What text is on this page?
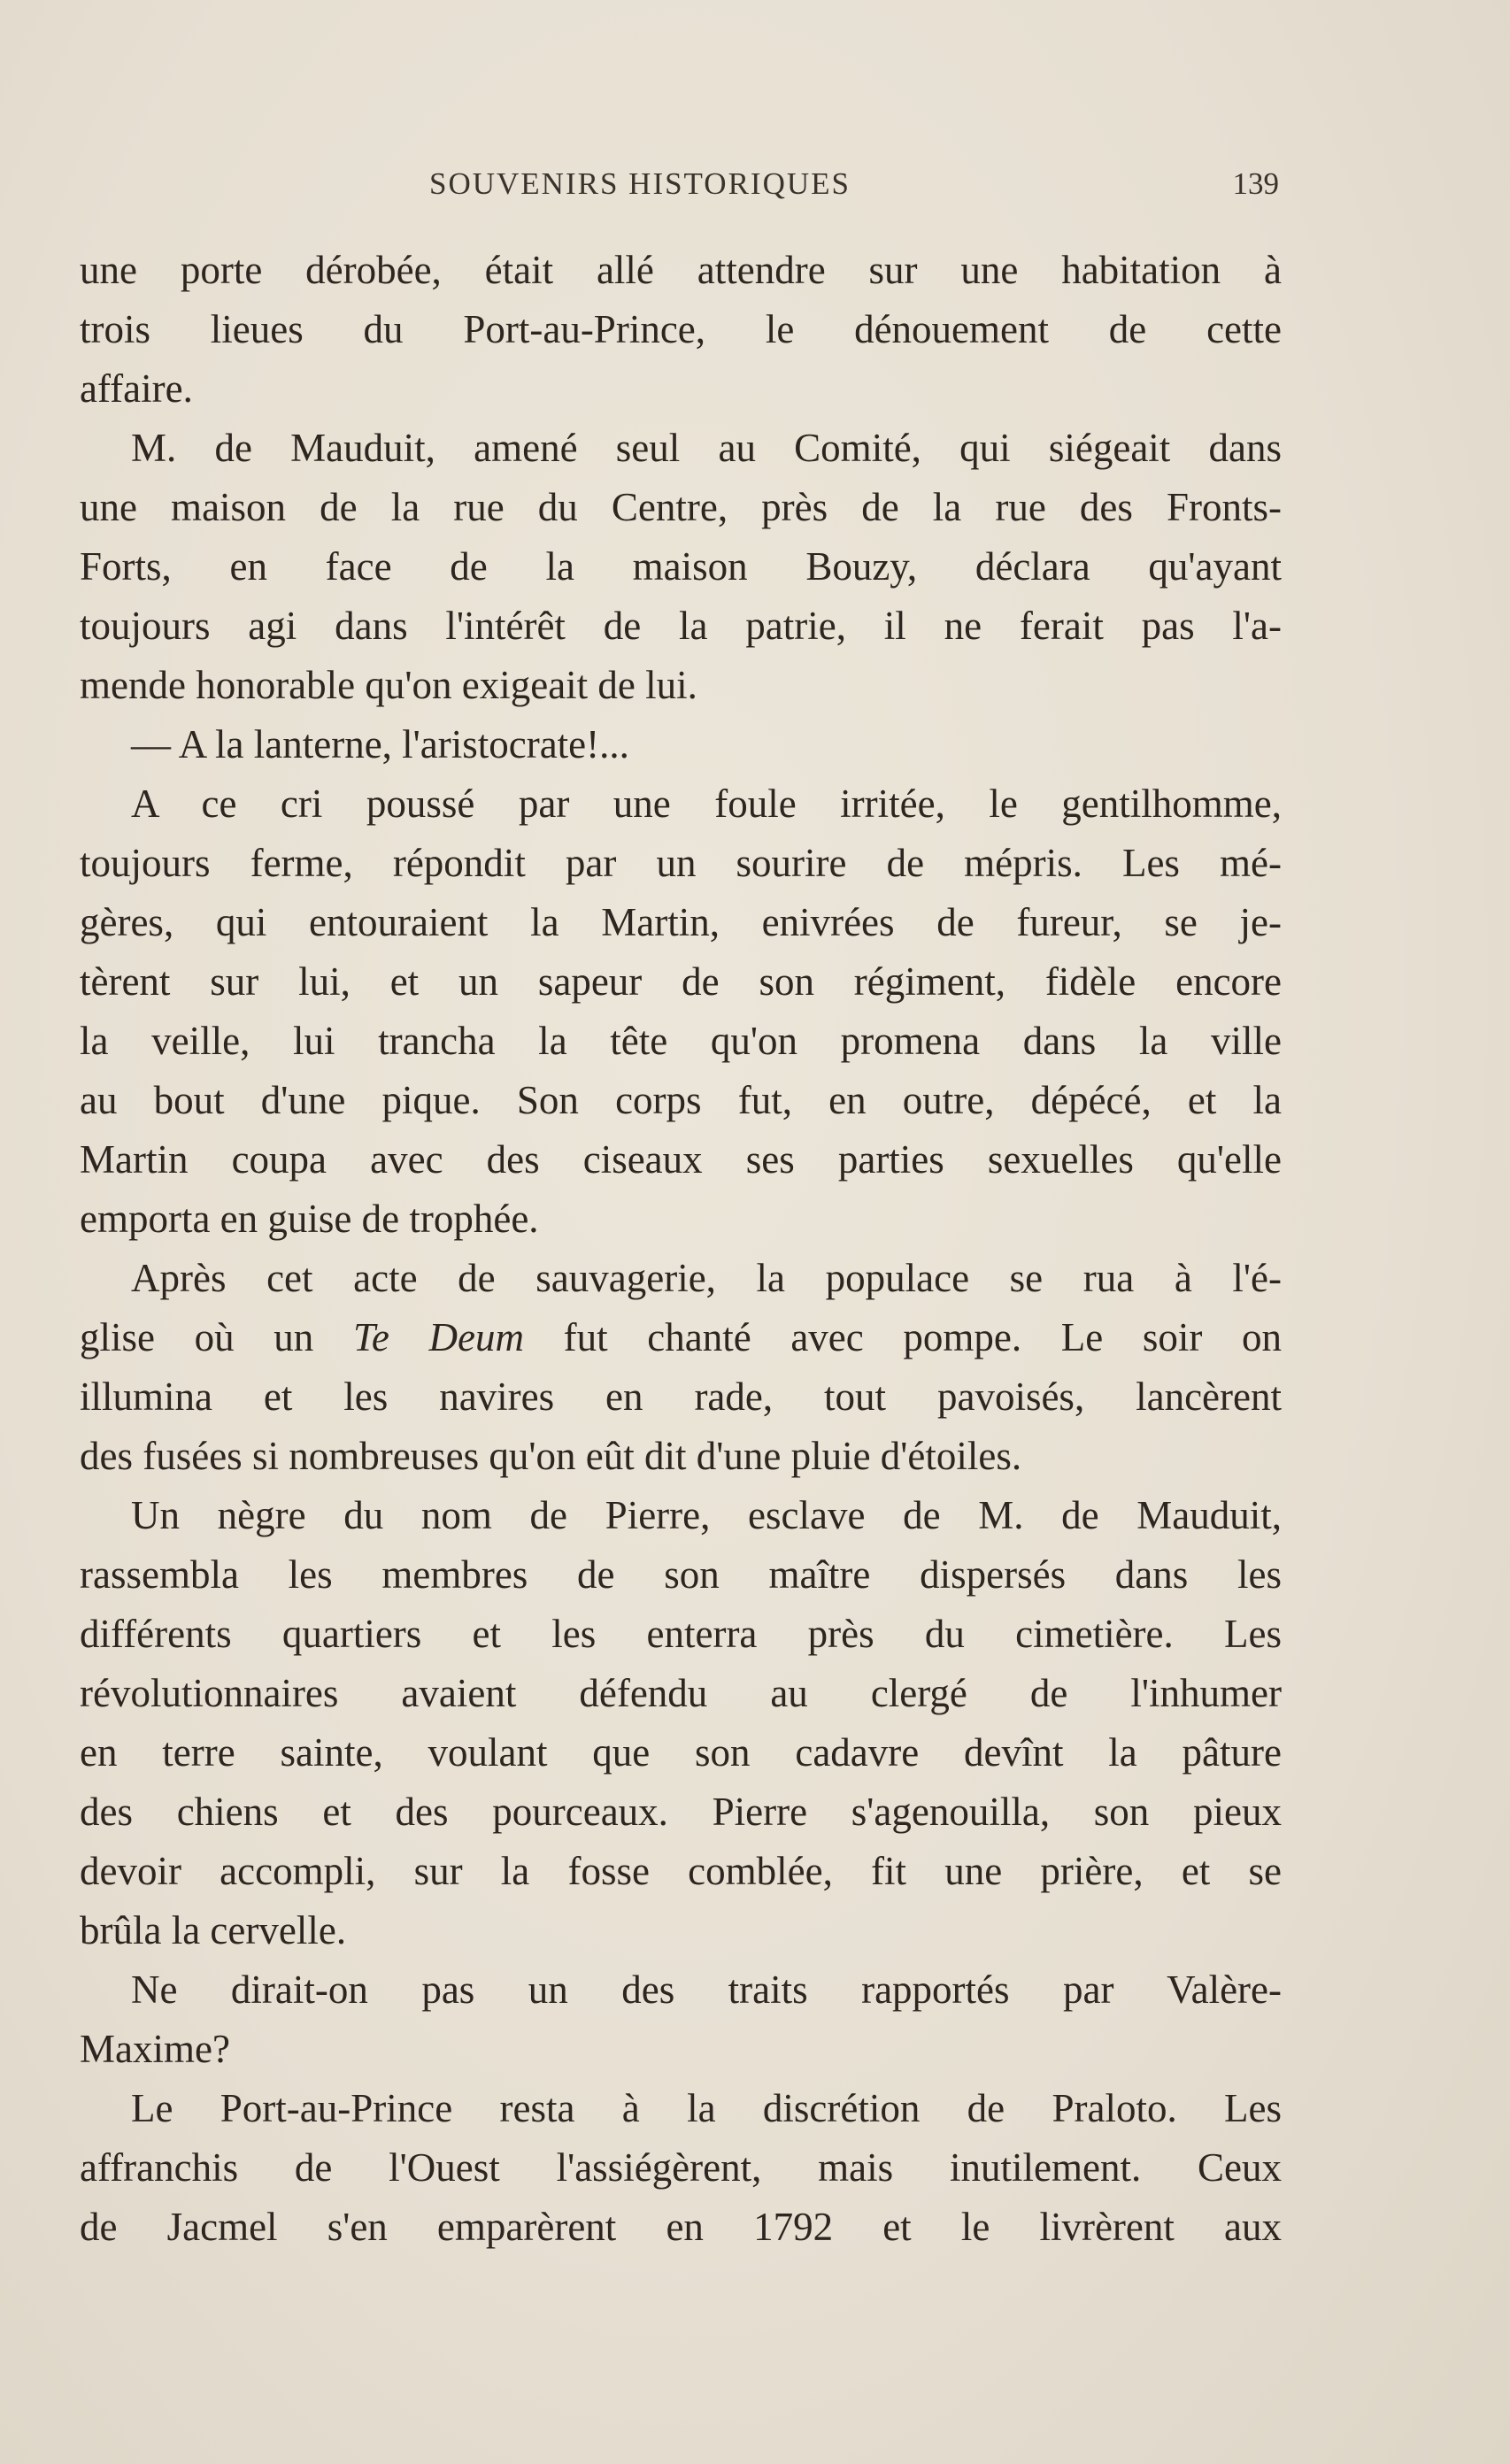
SOUVENIRS HISTORIQUES	139
une porte dérobée, était allé attendre sur une habitation à
trois lieues du Port-au-Prince, le dénouement de cette
affaire.
M. de Mauduit, amené seul au Comité, qui siégeait dans
une maison de la rue du Centre, près de la rue des Fronts-
Forts, en face de la maison Bouzy, déclara qu'ayant
toujours agi dans l'intérêt de la patrie, il ne ferait pas l'a-
mende honorable qu'on exigeait de lui.
— A la lanterne, l'aristocrate!...
A ce cri poussé par une foule irritée, le gentilhomme,
toujours ferme, répondit par un sourire de mépris. Les mé-
gères, qui entouraient la Martin, enivrées de fureur, se je-
tèrent sur lui, et un sapeur de son régiment, fidèle encore
la veille, lui trancha la tête qu'on promena dans la ville
au bout d'une pique. Son corps fut, en outre, dépécé, et la
Martin coupa avec des ciseaux ses parties sexuelles qu'elle
emporta en guise de trophée.
Après cet acte de sauvagerie, la populace se rua à l'é-
glise où un Te Deum fut chanté avec pompe. Le soir on
illumina et les navires en rade, tout pavoisés, lancèrent
des fusées si nombreuses qu'on eût dit d'une pluie d'étoiles.
Un nègre du nom de Pierre, esclave de M. de Mauduit,
rassembla les membres de son maître dispersés dans les
différents quartiers et les enterra près du cimetière. Les
révolutionnaires avaient défendu au clergé de l'inhumer
en terre sainte, voulant que son cadavre devînt la pâture
des chiens et des pourceaux. Pierre s'agenouilla, son pieux
devoir accompli, sur la fosse comblée, fit une prière, et se
brûla la cervelle.
Ne dirait-on pas un des traits rapportés par Valère-
Maxime?
Le Port-au-Prince resta à la discrétion de Praloto. Les
affranchis de l'Ouest l'assiégèrent, mais inutilement. Ceux
de Jacmel s'en emparèrent en 1792 et le livrèrent aux
